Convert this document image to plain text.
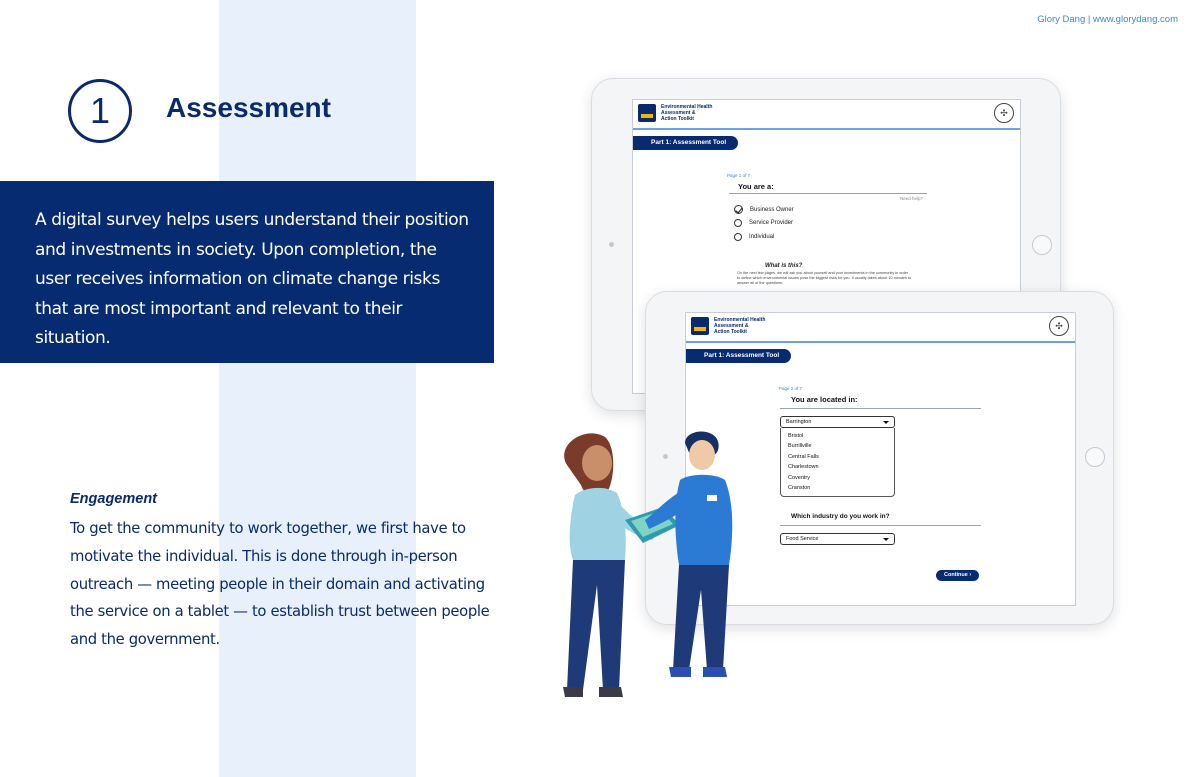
Glory Dang | www.glorydang.com
1	Assessment

A digital survey helps users understand their position and investments in society. Upon completion, the user receives information on climate change risks that are most important and relevant to their situation.

Engagement
To get the community to work together, we first have to motivate the individual. This is done through in-person outreach — meeting people in their domain and activating the service on a tablet — to establish trust between people and the government.
Environmental Health
Assessment &
Action Toolkit
✣
Part 1: Assessment Tool
Page 1 of 7
You are a:
Need help?
Business Owner
Service Provider
Individual
What is this?
On the next few pages, we will ask you about yourself and your investments in the community in order to define which environmental issues pose the biggest risks for you. It usually takes about 10 minutes to answer all of the questions.
Environmental Health
Assessment &
Action Toolkit
✣
Part 1: Assessment Tool
Page 2 of 7
You are located in:
Barrington
Bristol
Burrillville
Central Falls
Charlestown
Coventry
Cranston
Which industry do you work in?
Food Service
Continue ›
